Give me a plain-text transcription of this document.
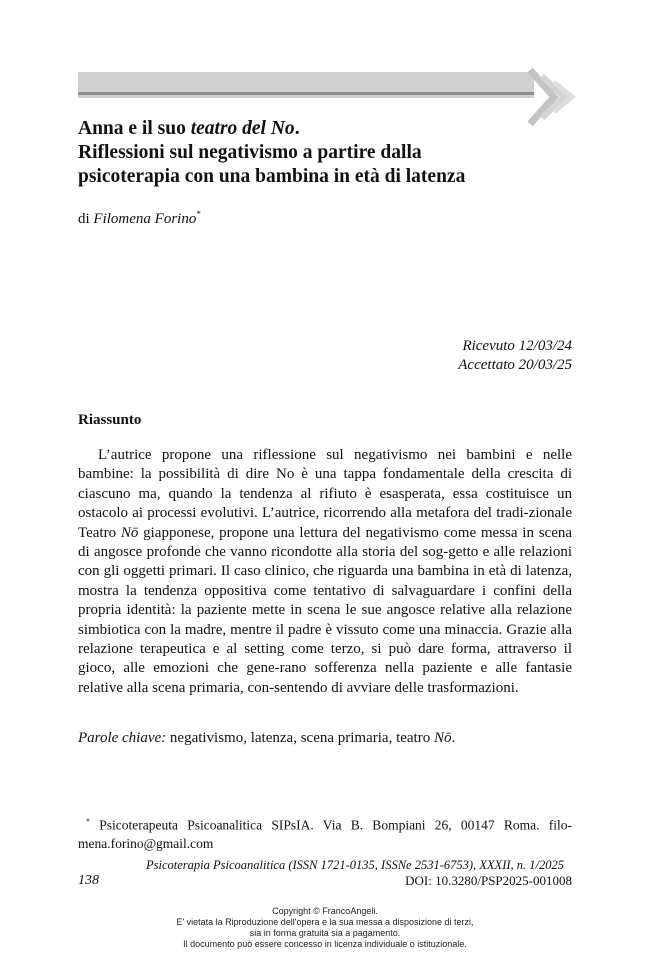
Anna e il suo teatro del No.
Riflessioni sul negativismo a partire dalla
psicoterapia con una bambina in età di latenza
di Filomena Forino*
Ricevuto 12/03/24
Accettato 20/03/25
Riassunto

L’autrice propone una riflessione sul negativismo nei bambini e nelle bambine: la possibilità di dire No è una tappa fondamentale della crescita di ciascuno ma, quando la tendenza al rifiuto è esasperata, essa costituisce un ostacolo ai processi evolutivi. L’autrice, ricorrendo alla metafora del tradi-zionale Teatro Nō giapponese, propone una lettura del negativismo come messa in scena di angosce profonde che vanno ricondotte alla storia del sog-getto e alle relazioni con gli oggetti primari. Il caso clinico, che riguarda una bambina in età di latenza, mostra la tendenza oppositiva come tentativo di salvaguardare i confini della propria identità: la paziente mette in scena le sue angosce relative alla relazione simbiotica con la madre, mentre il padre è vissuto come una minaccia. Grazie alla relazione terapeutica e al setting come terzo, si può dare forma, attraverso il gioco, alle emozioni che gene-rano sofferenza nella paziente e alle fantasie relative alla scena primaria, con-sentendo di avviare delle trasformazioni.

Parole chiave: negativismo, latenza, scena primaria, teatro Nō.

* Psicoterapeuta Psicoanalitica SIPsIA. Via B. Bompiani 26, 00147 Roma. filo-mena.forino@gmail.com

Psicoterapia Psicoanalitica (ISSN 1721-0135, ISSNe 2531-6753), XXXII, n. 1/2025
138	DOI: 10.3280/PSP2025-001008
Copyright © FrancoAngeli.
E' vietata la Riproduzione dell'opera e la sua messa a disposizione di terzi,
sia in forma gratuita sia a pagamento.
Il documento può essere concesso in licenza individuale o istituzionale.
